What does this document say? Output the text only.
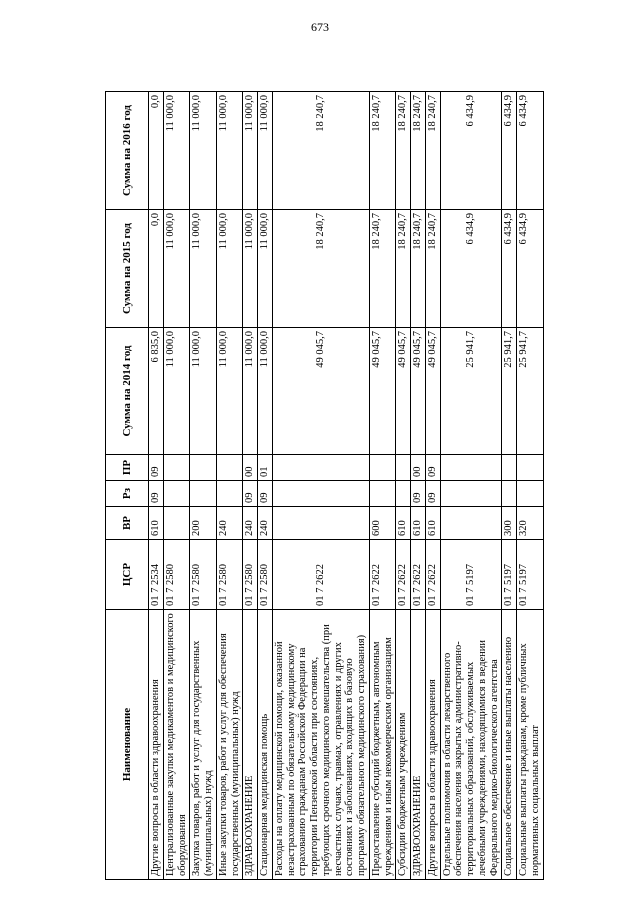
673
Наименование	ЦСР	ВР	Рз	ПР	Сумма на 2014 год	Сумма на 2015 год	Сумма на 2016 год
Другие вопросы в области здравоохранения	01 7 2534	610	09	09	6 835,0	0,0	0,0
Централизованные закупки медикаментов и медицинского оборудования	01 7 2580				11 000,0	11 000,0	11 000,0
Закупка товаров, работ и услуг для государственных (муниципальных) нужд	01 7 2580	200			11 000,0	11 000,0	11 000,0
Иные закупки товаров, работ и услуг для обеспечения государственных (муниципальных) нужд	01 7 2580	240			11 000,0	11 000,0	11 000,0
ЗДРАВООХРАНЕНИЕ	01 7 2580	240	09	00	11 000,0	11 000,0	11 000,0
Стационарная медицинская помощь	01 7 2580	240	09	01	11 000,0	11 000,0	11 000,0
Расходы на оплату медицинской помощи, оказанной незастрахованным по обязательному медицинскому страхованию гражданам Российской Федерации на территории Пензенской области при состояниях, требующих срочного медицинского вмешательства (при несчастных случаях, травмах, отравлениях и других состояниях и заболеваниях, входящих в базовую программу обязательного медицинского страхования)	01 7 2622				49 045,7	18 240,7	18 240,7
Предоставление субсидий бюджетным, автономным учреждениям и иным некоммерческим организациям	01 7 2622	600			49 045,7	18 240,7	18 240,7
Субсидии бюджетным учреждениям	01 7 2622	610			49 045,7	18 240,7	18 240,7
ЗДРАВООХРАНЕНИЕ	01 7 2622	610	09	00	49 045,7	18 240,7	18 240,7
Другие вопросы в области здравоохранения	01 7 2622	610	09	09	49 045,7	18 240,7	18 240,7
Отдельные полномочия в области лекарственного обеспечения населения закрытых административно-территориальных образований, обслуживаемых лечебными учреждениями, находящимися в ведении Федерального медико-биологического агентства	01 7 5197				25 941,7	6 434,9	6 434,9
Социальное обеспечение и иные выплаты населению	01 7 5197	300			25 941,7	6 434,9	6 434,9
Социальные выплаты гражданам, кроме публичных нормативных социальных выплат	01 7 5197	320			25 941,7	6 434,9	6 434,9
